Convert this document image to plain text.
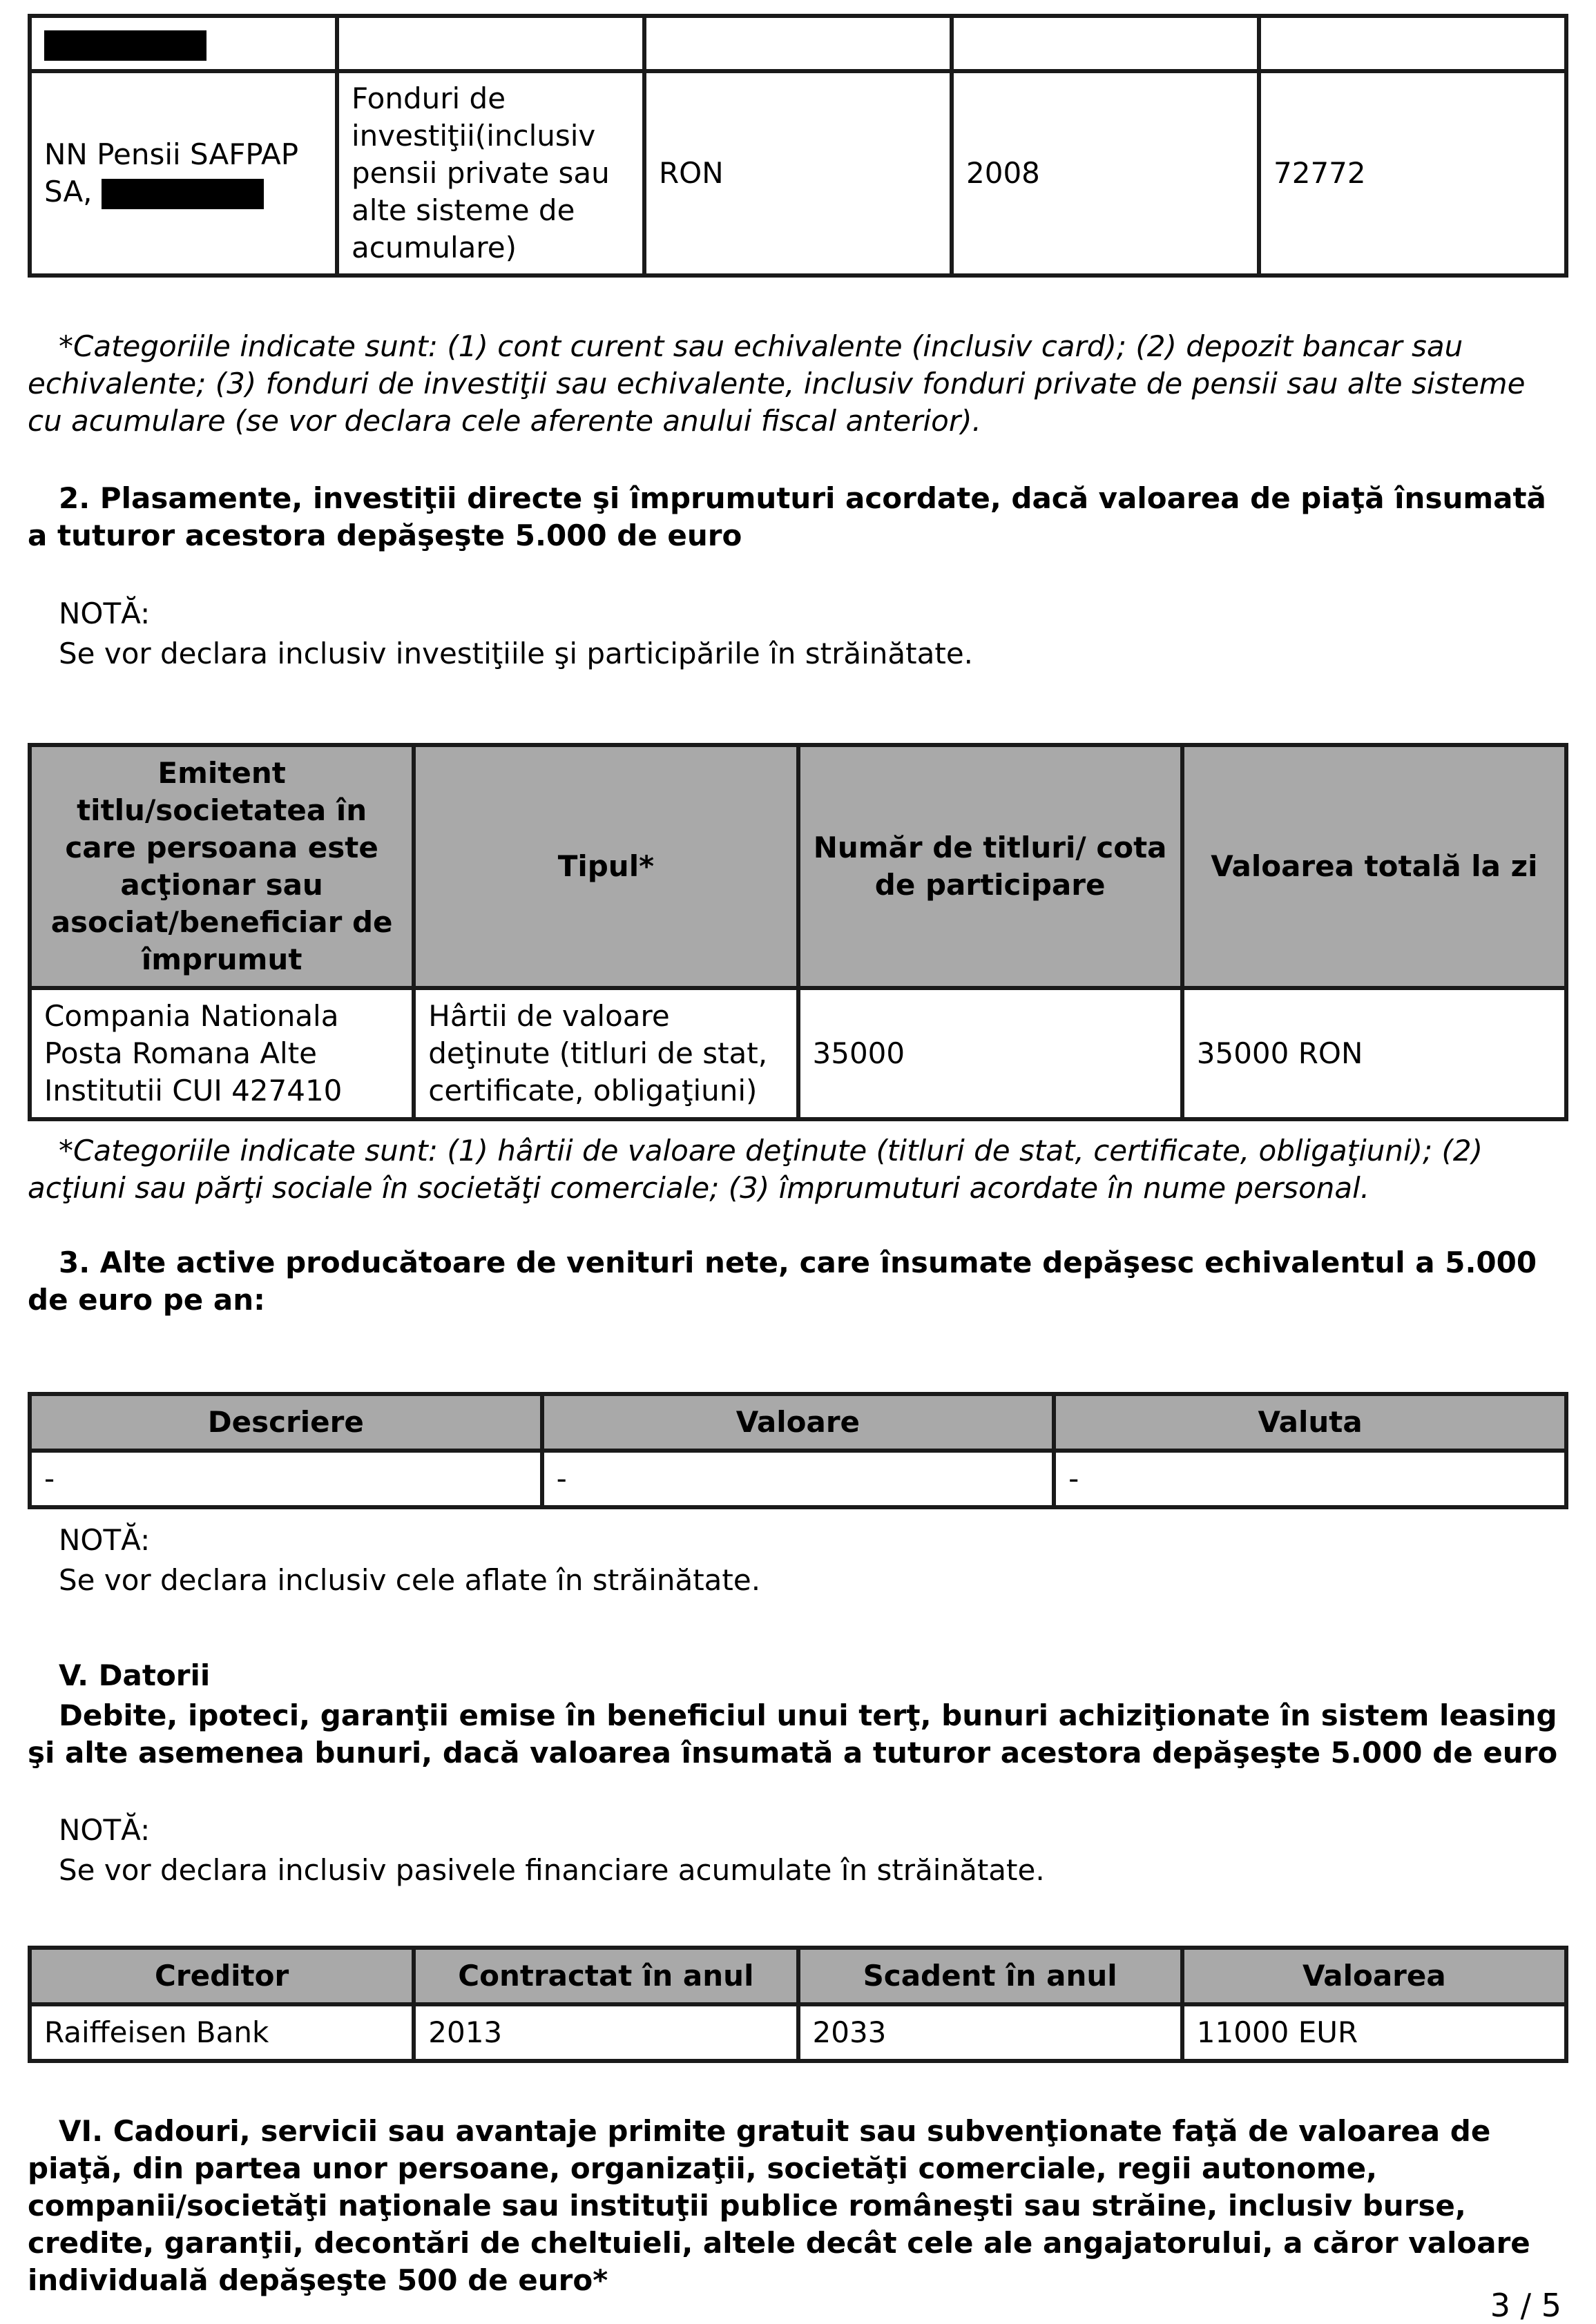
NN Pensii SAFPAP SA,	Fonduri de investiţii(inclusiv pensii private sau alte sisteme de acumulare)	RON	2008	72772
*Categoriile indicate sunt: (1) cont curent sau echivalente (inclusiv card); (2) depozit bancar sau echivalente; (3) fonduri de investiţii sau echivalente, inclusiv fonduri private de pensii sau alte sisteme cu acumulare (se vor declara cele aferente anului fiscal anterior).
2. Plasamente, investiţii directe şi împrumuturi acordate, dacă valoarea de piaţă însumată a tuturor acestora depăşeşte 5.000 de euro
NOTĂ:
Se vor declara inclusiv investiţiile şi participările în străinătate.
Emitent titlu/societatea în care persoana este acţionar sau asociat/beneficiar de împrumut	Tipul*	Număr de titluri/ cota de participare	Valoarea totală la zi
Compania Nationala Posta Romana Alte Institutii CUI 427410	Hârtii de valoare deţinute (titluri de stat, certificate, obligaţiuni)	35000	35000 RON
*Categoriile indicate sunt: (1) hârtii de valoare deţinute (titluri de stat, certificate, obligaţiuni); (2) acţiuni sau părţi sociale în societăţi comerciale; (3) împrumuturi acordate în nume personal.
3. Alte active producătoare de venituri nete, care însumate depăşesc echivalentul a 5.000 de euro pe an:
Descriere	Valoare	Valuta
-	-	-
NOTĂ:
Se vor declara inclusiv cele aflate în străinătate.
V. Datorii
Debite, ipoteci, garanţii emise în beneficiul unui terţ, bunuri achiziţionate în sistem leasing şi alte asemenea bunuri, dacă valoarea însumată a tuturor acestora depăşeşte 5.000 de euro
NOTĂ:
Se vor declara inclusiv pasivele financiare acumulate în străinătate.
Creditor	Contractat în anul	Scadent în anul	Valoarea
Raiffeisen Bank	2013	2033	11000 EUR
VI. Cadouri, servicii sau avantaje primite gratuit sau subvenţionate faţă de valoarea de piaţă, din partea unor persoane, organizaţii, societăţi comerciale, regii autonome, companii/societăţi naţionale sau instituţii publice româneşti sau străine, inclusiv burse, credite, garanţii, decontări de cheltuieli, altele decât cele ale angajatorului, a căror valoare individuală depăşeşte 500 de euro*
3 / 5
